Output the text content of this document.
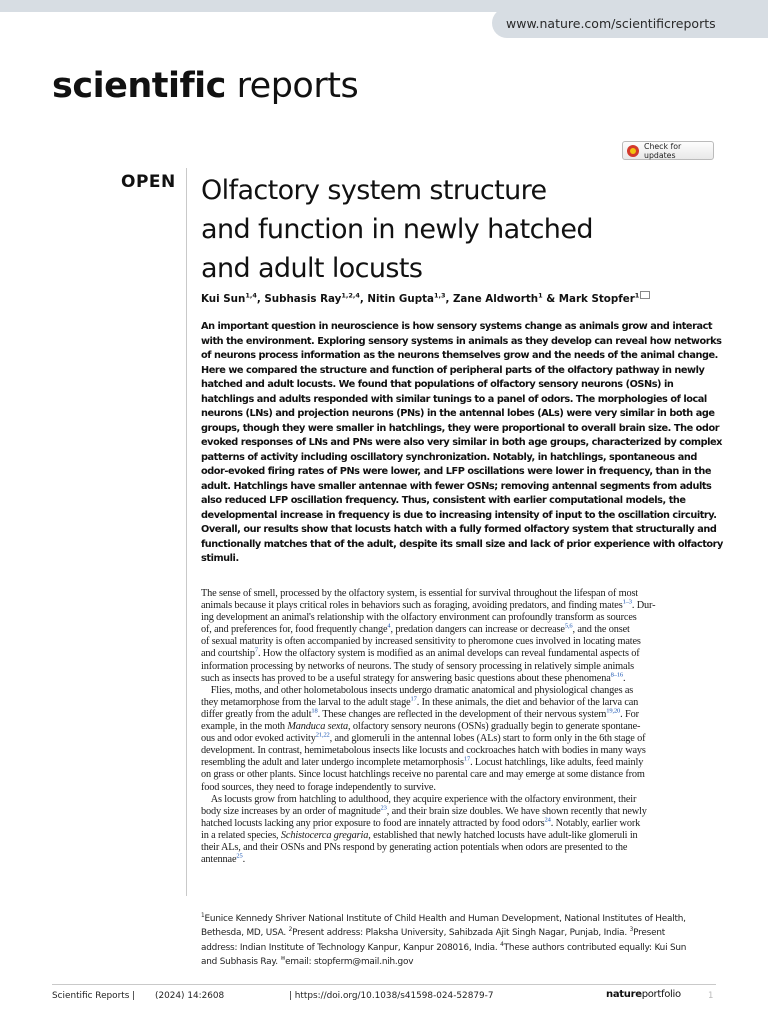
www.nature.com/scientificreports
scientific reports
Check for updates
OPEN Olfactory system structure
and function in newly hatched
and adult locusts
Kui Sun$^{1,4}$, Subhasis Ray$^{1,2,4}$, Nitin Gupta$^{1,3}$, Zane Aldworth$^1$ & Mark Stopfer$^1$
An important question in neuroscience is how sensory systems change as animals grow and interact
with the environment. Exploring sensory systems in animals as they develop can reveal how networks
of neurons process information as the neurons themselves grow and the needs of the animal change.
Here we compared the structure and function of peripheral parts of the olfactory pathway in newly
hatched and adult locusts. We found that populations of olfactory sensory neurons (OSNs) in
hatchlings and adults responded with similar tunings to a panel of odors. The morphologies of local
neurons (LNs) and projection neurons (PNs) in the antennal lobes (ALs) were very similar in both age
groups, though they were smaller in hatchlings, they were proportional to overall brain size. The odor
evoked responses of LNs and PNs were also very similar in both age groups, characterized by complex
patterns of activity including oscillatory synchronization. Notably, in hatchlings, spontaneous and
odor-evoked firing rates of PNs were lower, and LFP oscillations were lower in frequency, than in the
adult. Hatchlings have smaller antennae with fewer OSNs; removing antennal segments from adults
also reduced LFP oscillation frequency. Thus, consistent with earlier computational models, the
developmental increase in frequency is due to increasing intensity of input to the oscillation circuitry.
Overall, our results show that locusts hatch with a fully formed olfactory system that structurally and
functionally matches that of the adult, despite its small size and lack of prior experience with olfactory
stimuli.
The sense of smell, processed by the olfactory system, is essential for survival throughout the lifespan of most
animals because it plays critical roles in behaviors such as foraging, avoiding predators, and finding mates$^{1-3}$. Dur-
ing development an animal's relationship with the olfactory environment can profoundly transform as sources
of, and preferences for, food frequently change$^4$, predation dangers can increase or decrease$^{5,6}$, and the onset
of sexual maturity is often accompanied by increased sensitivity to pheromone cues involved in locating mates
and courtship$^7$. How the olfactory system is modified as an animal develops can reveal fundamental aspects of
information processing by networks of neurons. The study of sensory processing in relatively simple animals
such as insects has proved to be a useful strategy for answering basic questions about these phenomena$^{8-16}$.
Flies, moths, and other holometabolous insects undergo dramatic anatomical and physiological changes as
they metamorphose from the larval to the adult stage$^{17}$. In these animals, the diet and behavior of the larva can
differ greatly from the adult$^{18}$. These changes are reflected in the development of their nervous system$^{19,20}$. For
example, in the moth Manduca sexta, olfactory sensory neurons (OSNs) gradually begin to generate spontane-
ous and odor evoked activity$^{21,22}$, and glomeruli in the antennal lobes (ALs) start to form only in the 6th stage of
development. In contrast, hemimetabolous insects like locusts and cockroaches hatch with bodies in many ways
resembling the adult and later undergo incomplete metamorphosis$^{17}$. Locust hatchlings, like adults, feed mainly
on grass or other plants. Since locust hatchlings receive no parental care and may emerge at some distance from
food sources, they need to forage independently to survive.
As locusts grow from hatchling to adulthood, they acquire experience with the olfactory environment, their
body size increases by an order of magnitude$^{23}$, and their brain size doubles. We have shown recently that newly
hatched locusts lacking any prior exposure to food are innately attracted by food odors$^{24}$. Notably, earlier work
in a related species, Schistocerca gregaria, established that newly hatched locusts have adult-like glomeruli in
their ALs, and their OSNs and PNs respond by generating action potentials when odors are presented to the
antennae$^{25}$.
$^1$Eunice Kennedy Shriver National Institute of Child Health and Human Development, National Institutes of Health,
Bethesda, MD, USA. $^2$Present address: Plaksha University, Sahibzada Ajit Singh Nagar, Punjab, India. $^3$Present
address: Indian Institute of Technology Kanpur, Kanpur 208016, India. $^4$These authors contributed equally: Kui Sun
and Subhasis Ray. ✉email: stopferm@mail.nih.gov
Scientific Reports | (2024) 14:2608	| https://doi.org/10.1038/s41598-024-52879-7	natureportfolio	1
